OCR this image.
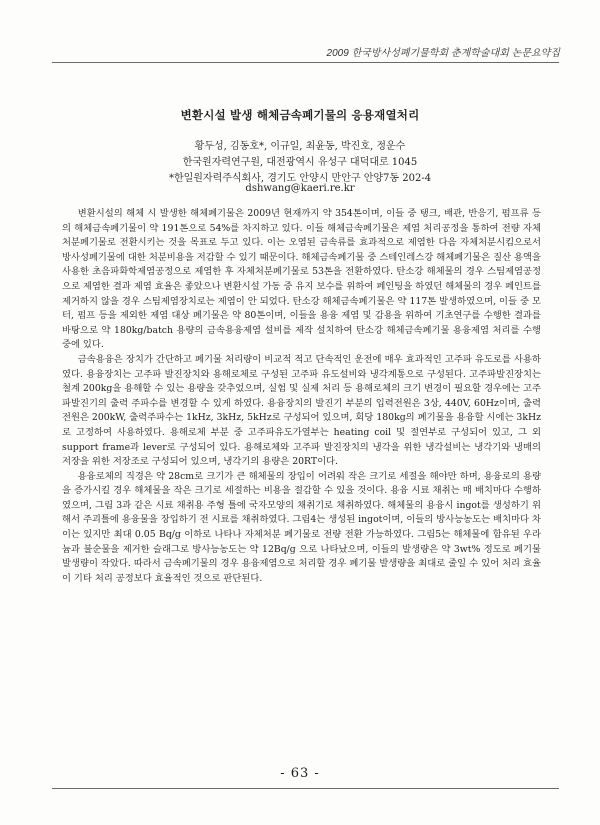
2009 한국방사성폐기물학회 춘계학술대회 논문요약집
변환시설 발생 해체금속폐기물의 응용재열처리
황두성, 김동호*, 이규일, 최윤동, 박진호, 정운수
한국원자력연구원, 대전광역시 유성구 대덕대로 1045
*한일원자력주식회사, 경기도 안양시 만안구 안양7동 202-4
dshwang@kaeri.re.kr

변환시설의 해체 시 발생한 해체폐기물은 2009년 현재까지 약 354톤이며, 이들 중 탱크, 배관, 반응기, 펌프류 등의 해체금속폐기물이 약 191톤으로 54%를 차지하고 있다. 이들 해체금속폐기물은 제염 처리공정을 통하여 전량 자체처분폐기물로 전환시키는 것을 목표로 두고 있다. 이는 오염된 금속류를 효과적으로 제염한 다음 자체처분시킴으로서 방사성폐기물에 대한 처분비용을 저감할 수 있기 때문이다. 해체금속폐기물 중 스테인레스강 해체폐기물은 질산 용액을 사용한 초음파화학제염공정으로 제염한 후 자체처분폐기물로 53톤을 전환하였다. 탄소강 해체물의 경우 스팀제염공정으로 제염한 결과 제염 효율은 좋았으나 변환시설 가동 중 유지 보수를 위하여 페인팅을 하였던 해체물의 경우 페인트를 제거하지 않을 경우 스팀제염장치로는 제염이 안 되었다. 탄소강 해체금속폐기물은 약 117톤 발생하였으며, 이들 중 모터, 펌프 등을 제외한 제염 대상 폐기물은 약 80톤이며, 이들을 용융 제염 및 감용을 위하여 기초연구를 수행한 결과를 바탕으로 약 180kg/batch 용량의 금속용융제염 설비를 제작 설치하여 탄소강 해체금속폐기물 용융제염 처리를 수행 중에 있다.

금속용융은 장치가 간단하고 폐기물 처리량이 비교적 적고 단속적인 운전에 매우 효과적인 고주파 유도로를 사용하였다. 용융장치는 고주파 발진장치와 용해로체로 구성된 고주파 유도설비와 냉각계통으로 구성된다. 고주파발진장치는 철계 200kg을 용해할 수 있는 용량을 갖추었으며, 실험 및 실제 처리 등 용해로체의 크기 변경이 필요할 경우에는 고주파발진기의 출력 주파수를 변경할 수 있게 하였다. 용융장치의 발진기 부분의 입력전원은 3상, 440V, 60Hz이며, 출력전원은 200kW, 출력주파수는 1kHz, 3kHz, 5kHz로 구성되어 있으며, 회당 180kg의 폐기물을 용융할 시에는 3kHz로 고정하여 사용하였다. 용해로체 부분 중 고주파유도가열부는 heating coil 및 절연부로 구성되어 있고, 그 외 support frame과 lever로 구성되어 있다. 용해로체와 고주파 발진장치의 냉각을 위한 냉각설비는 냉각기와 냉매의 저장을 위한 저장조로 구성되어 있으며, 냉각기의 용량은 20RT이다.

용융로체의 직경은 약 28cm로 크기가 큰 해체물의 장입이 어려워 작은 크기로 세절을 해야만 하며, 용융로의 용량을 증가시킬 경우 해체물을 작은 크기로 세절하는 비용을 절감할 수 있을 것이다. 용융 시료 채취는 매 배치마다 수행하였으며, 그림 3과 같은 시료 채취용 주형 틀에 국자모양의 채취기로 채취하였다. 해체물의 용융시 ingot를 생성하기 위해서 주괴틀에 용융물을 장입하기 전 시료를 채취하였다. 그림4는 생성된 ingot이며, 이들의 방사능농도는 배치마다 차이는 있지만 최대 0.05 Bq/g 이하로 나타나 자체처분 폐기물로 전량 전환 가능하였다. 그림5는 해체물에 함유된 우라늄과 불순물을 제거한 슬래그로 방사능농도는 약 12Bq/g 으로 나타났으며, 이들의 발생량은 약 3wt% 정도로 폐기물 발생량이 작았다. 따라서 금속폐기물의 경우 용융제염으로 처리할 경우 폐기물 발생량을 최대로 줄일 수 있어 처리 효율이 기타 처리 공정보다 효율적인 것으로 판단된다.

- 63 -
